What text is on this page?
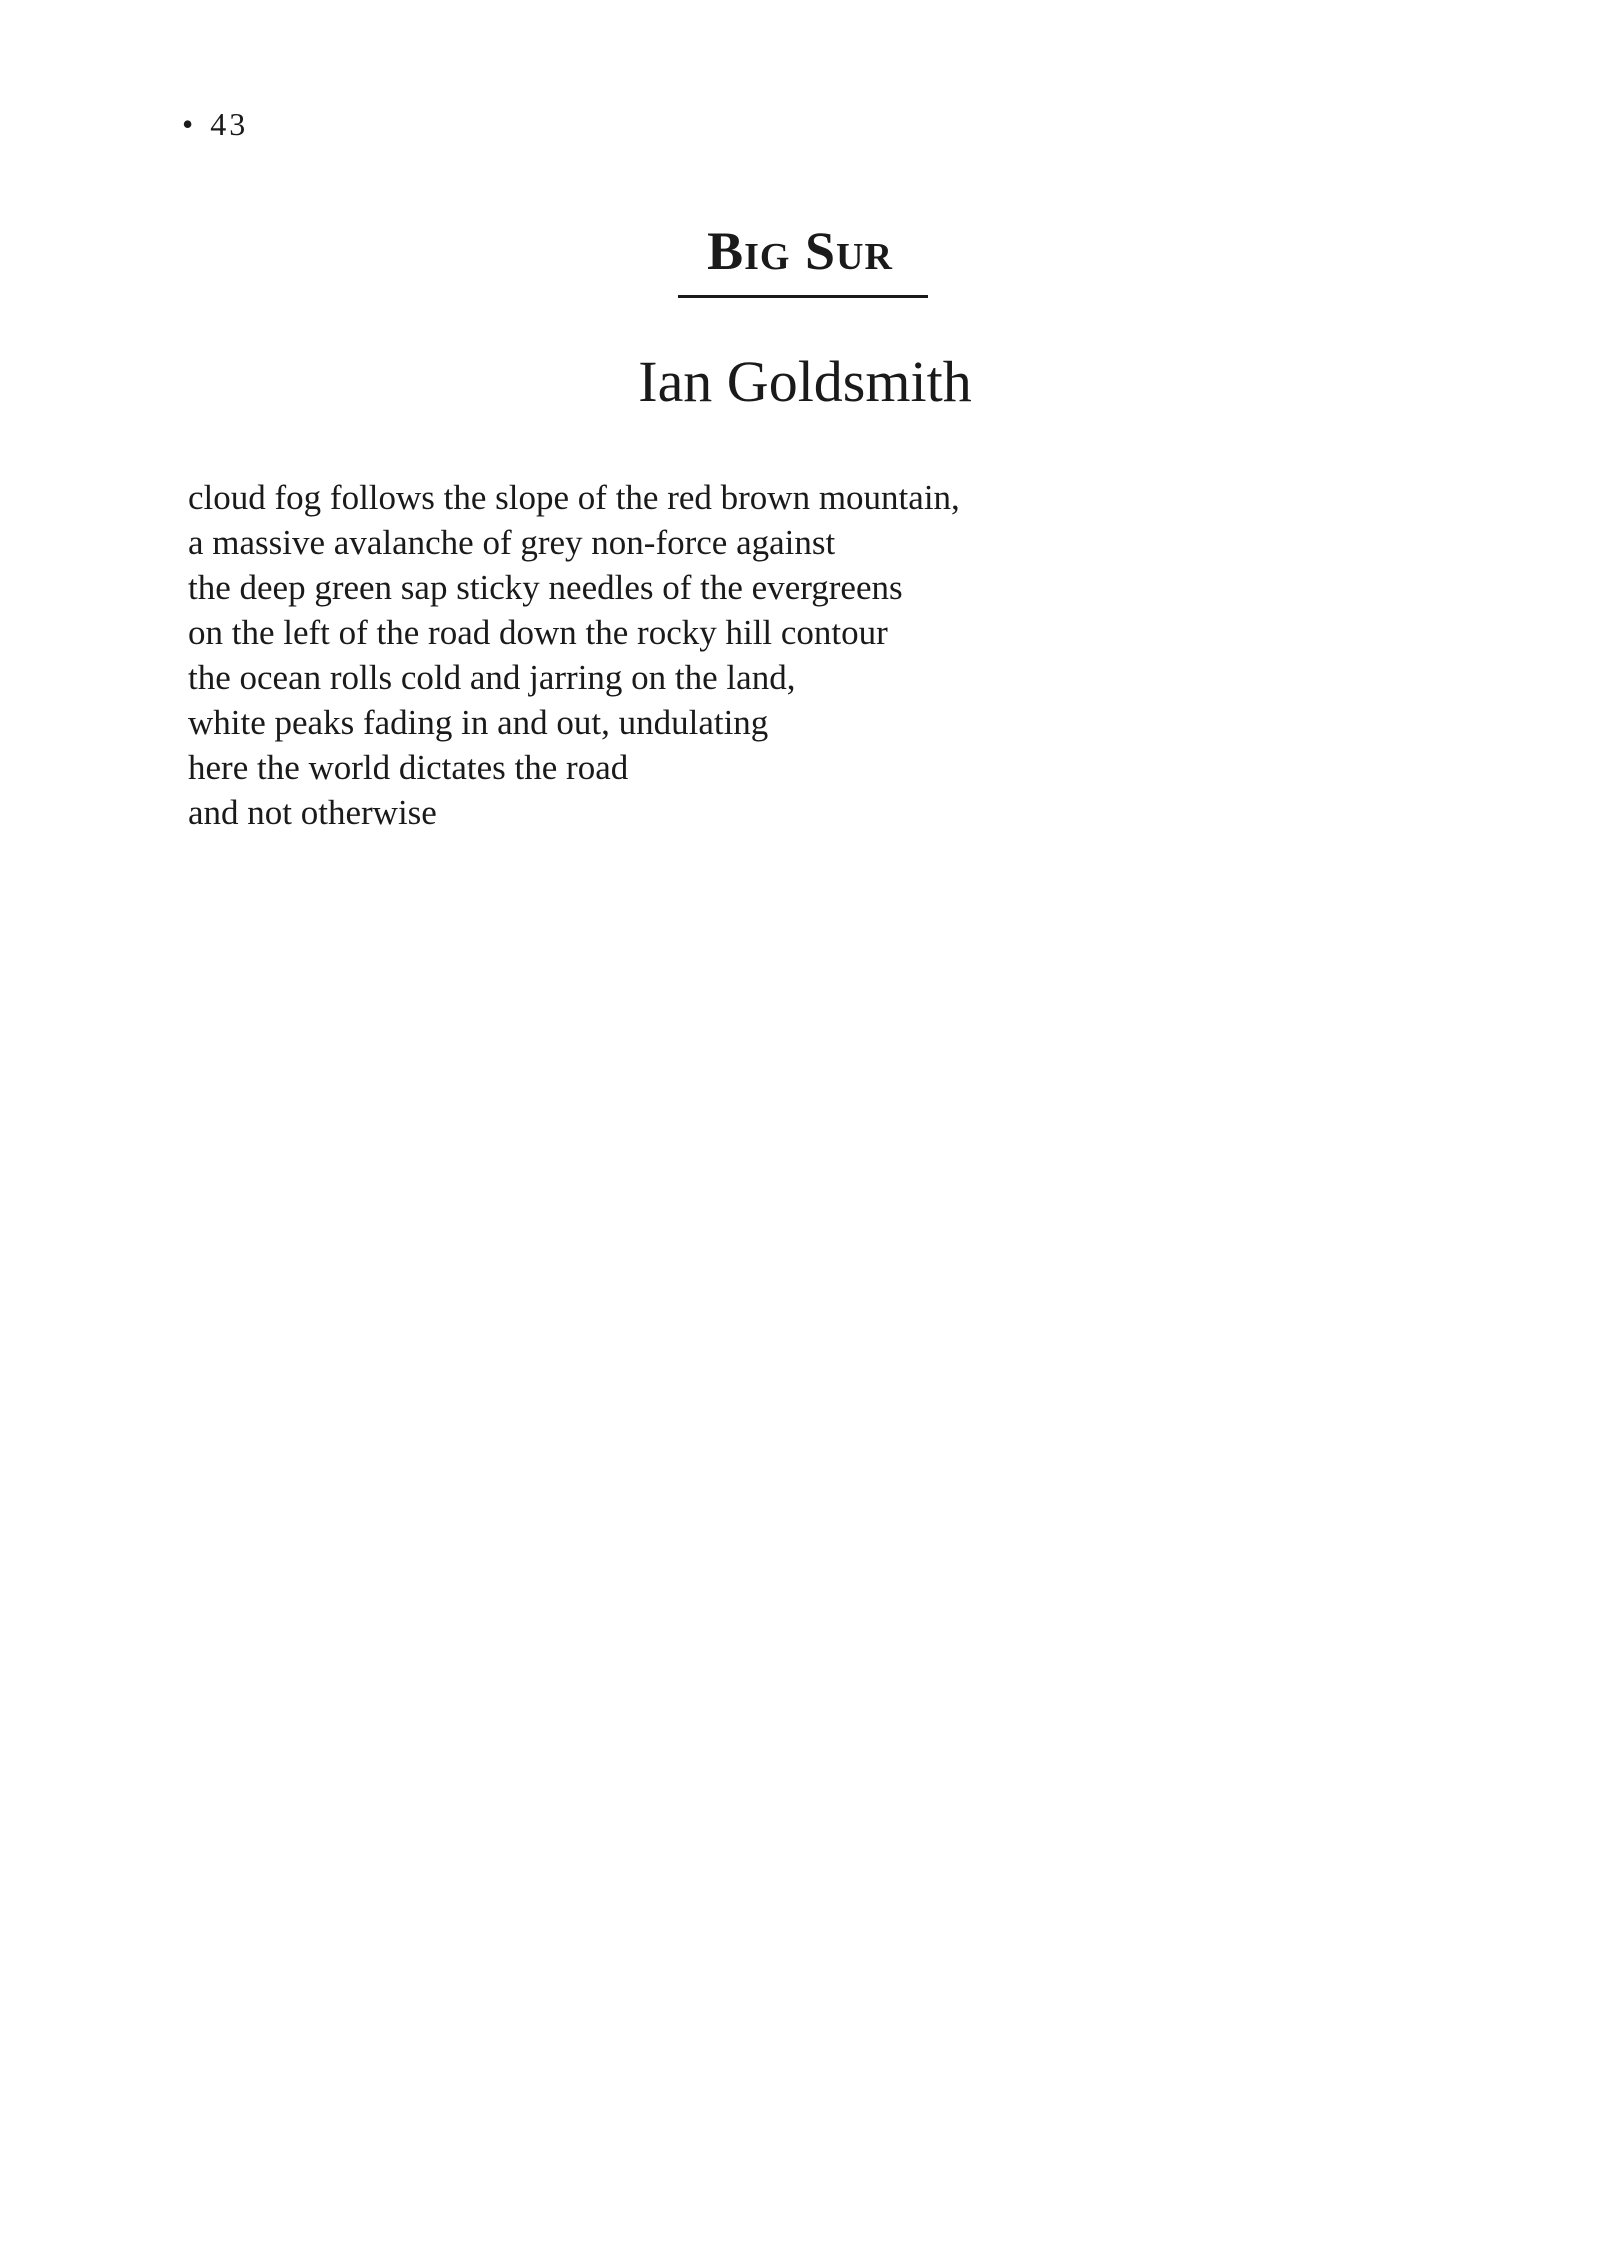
• 43
Big Sur
Ian Goldsmith
cloud fog follows the slope of the red brown mountain,
a massive avalanche of grey non-force against
the deep green sap sticky needles of the evergreens
on the left of the road down the rocky hill contour
the ocean rolls cold and jarring on the land,
white peaks fading in and out, undulating
here the world dictates the road
and not otherwise
